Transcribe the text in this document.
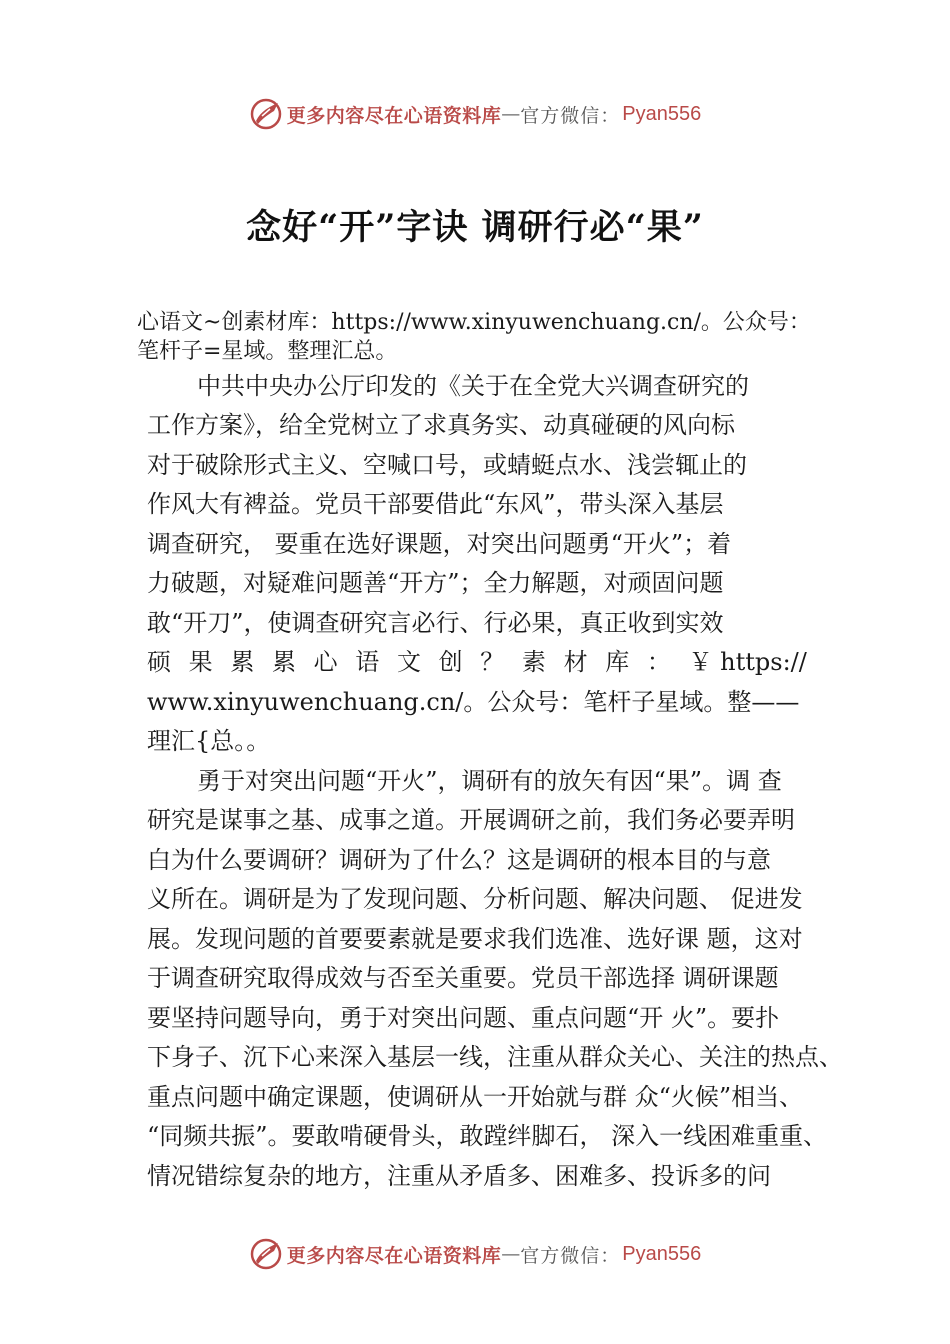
更多内容尽在心语资料库 — 官方微信： Pyan556
念好“开”字诀 调研行必“果”
心语文~创素材库：https://www.xinyuwenchuang.cn/。公众号：
笔杆子=星域。整理汇总。
中共中央办公厅印发的《关于在全党大兴调查研究的
工作方案》，给全党树立了求真务实、动真碰硬的风向标
对于破除形式主义、空喊口号，或蜻蜓点水、浅尝辄止的
作风大有裨益。党员干部要借此“东风”，带头深入基层
调查研究， 要重在选好课题，对突出问题勇“开火”；着
力破题，对疑难问题善“开方”；全力解题，对顽固问题
敢“开刀”，使调查研究言必行、行必果，真正收到实效
硕 果 累 累 心 语 文 创 ？ 素 材 库 ： ￥ https://
www.xinyuwenchuang.cn/。公众号：笔杆子星域。整——
理汇{总。。
勇于对突出问题“开火”，调研有的放矢有因“果”。调 查
研究是谋事之基、成事之道。开展调研之前，我们务必要弄明
白为什么要调研？调研为了什么？这是调研的根本目的与意
义所在。调研是为了发现问题、分析问题、解决问题、 促进发
展。发现问题的首要要素就是要求我们选准、选好课 题，这对
于调查研究取得成效与否至关重要。党员干部选择 调研课题
要坚持问题导向，勇于对突出问题、重点问题“开 火”。要扑
下身子、沉下心来深入基层一线，注重从群众关心、关注的热点、
重点问题中确定课题，使调研从一开始就与群 众“火候”相当、
“同频共振”。要敢啃硬骨头，敢蹚绊脚石， 深入一线困难重重、
情况错综复杂的地方，注重从矛盾多、困难多、投诉多的问
更多内容尽在心语资料库 — 官方微信： Pyan556
